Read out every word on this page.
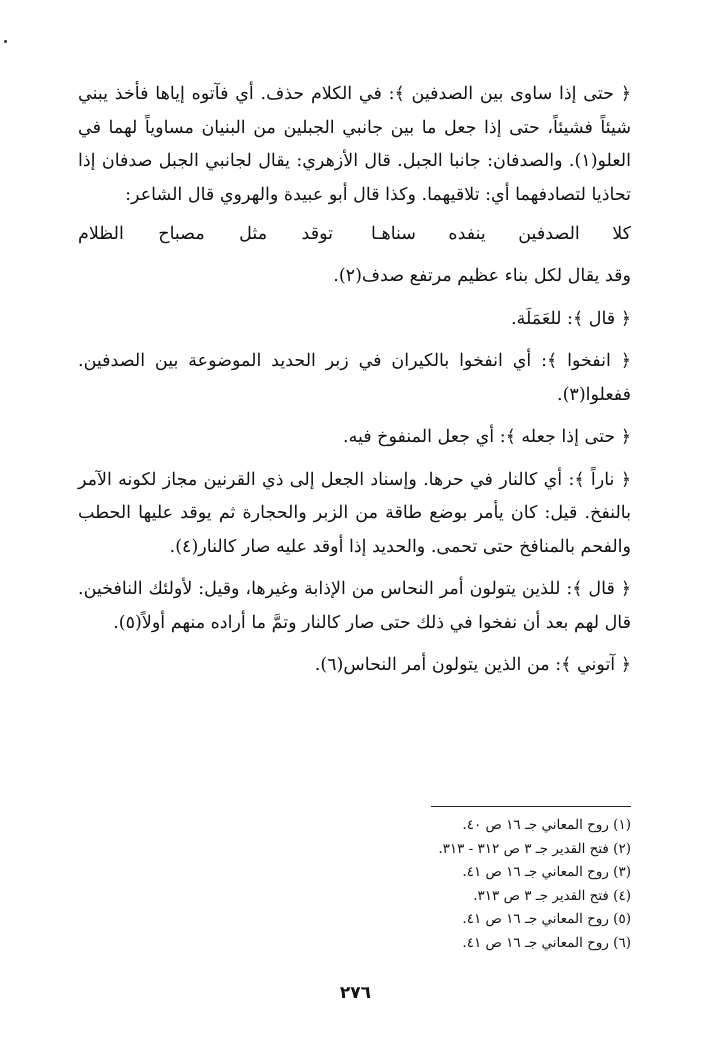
﴿ حتى إذا ساوى بين الصدفين ﴾: في الكلام حذف. أي فآتوه إياها فأخذ يبني شيئاً فشيئاً، حتى إذا جعل ما بين جانبي الجبلين من البنيان مساوياً لهما في العلو(١). والصدفان: جانبا الجبل. قال الأزهري: يقال لجانبي الجبل صدفان إذا تحاذيا لتصادفهما أي: تلاقيهما. وكذا قال أبو عبيدة والهروي قال الشاعر:

كلا الصدفين ينفده سناهـا
توقد مثل مصباح الظلام

وقد يقال لكل بناء عظيم مرتفع صدف(٢).

﴿ قال ﴾: للعَمَلَة.

﴿ انفخوا ﴾: أي انفخوا بالكيران في زبر الحديد الموضوعة بين الصدفين. ففعلوا(٣).

﴿ حتى إذا جعله ﴾: أي جعل المنفوخ فيه.

﴿ ناراً ﴾: أي كالنار في حرها. وإسناد الجعل إلى ذي القرنين مجاز لكونه الآمر بالنفخ. قيل: كان يأمر بوضع طاقة من الزبر والحجارة ثم يوقد عليها الحطب والفحم بالمنافخ حتى تحمى. والحديد إذا أوقد عليه صار كالنار(٤).

﴿ قال ﴾: للذين يتولون أمر النحاس من الإذابة وغيرها، وقيل: لأولئك النافخين. قال لهم بعد أن نفخوا في ذلك حتى صار كالنار وتمَّ ما أراده منهم أولاً(٥).

﴿ آتوني ﴾: من الذين يتولون أمر النحاس(٦).

(١) روح المعاني جـ ١٦ ص ٤٠.
(٢) فتح القدير جـ ٣ ص ٣١٢ - ٣١٣.
(٣) روح المعاني جـ ١٦ ص ٤١.
(٤) فتح القدير جـ ٣ ص ٣١٣.
(٥) روح المعاني جـ ١٦ ص ٤١.
(٦) روح المعاني جـ ١٦ ص ٤١.
٢٧٦
